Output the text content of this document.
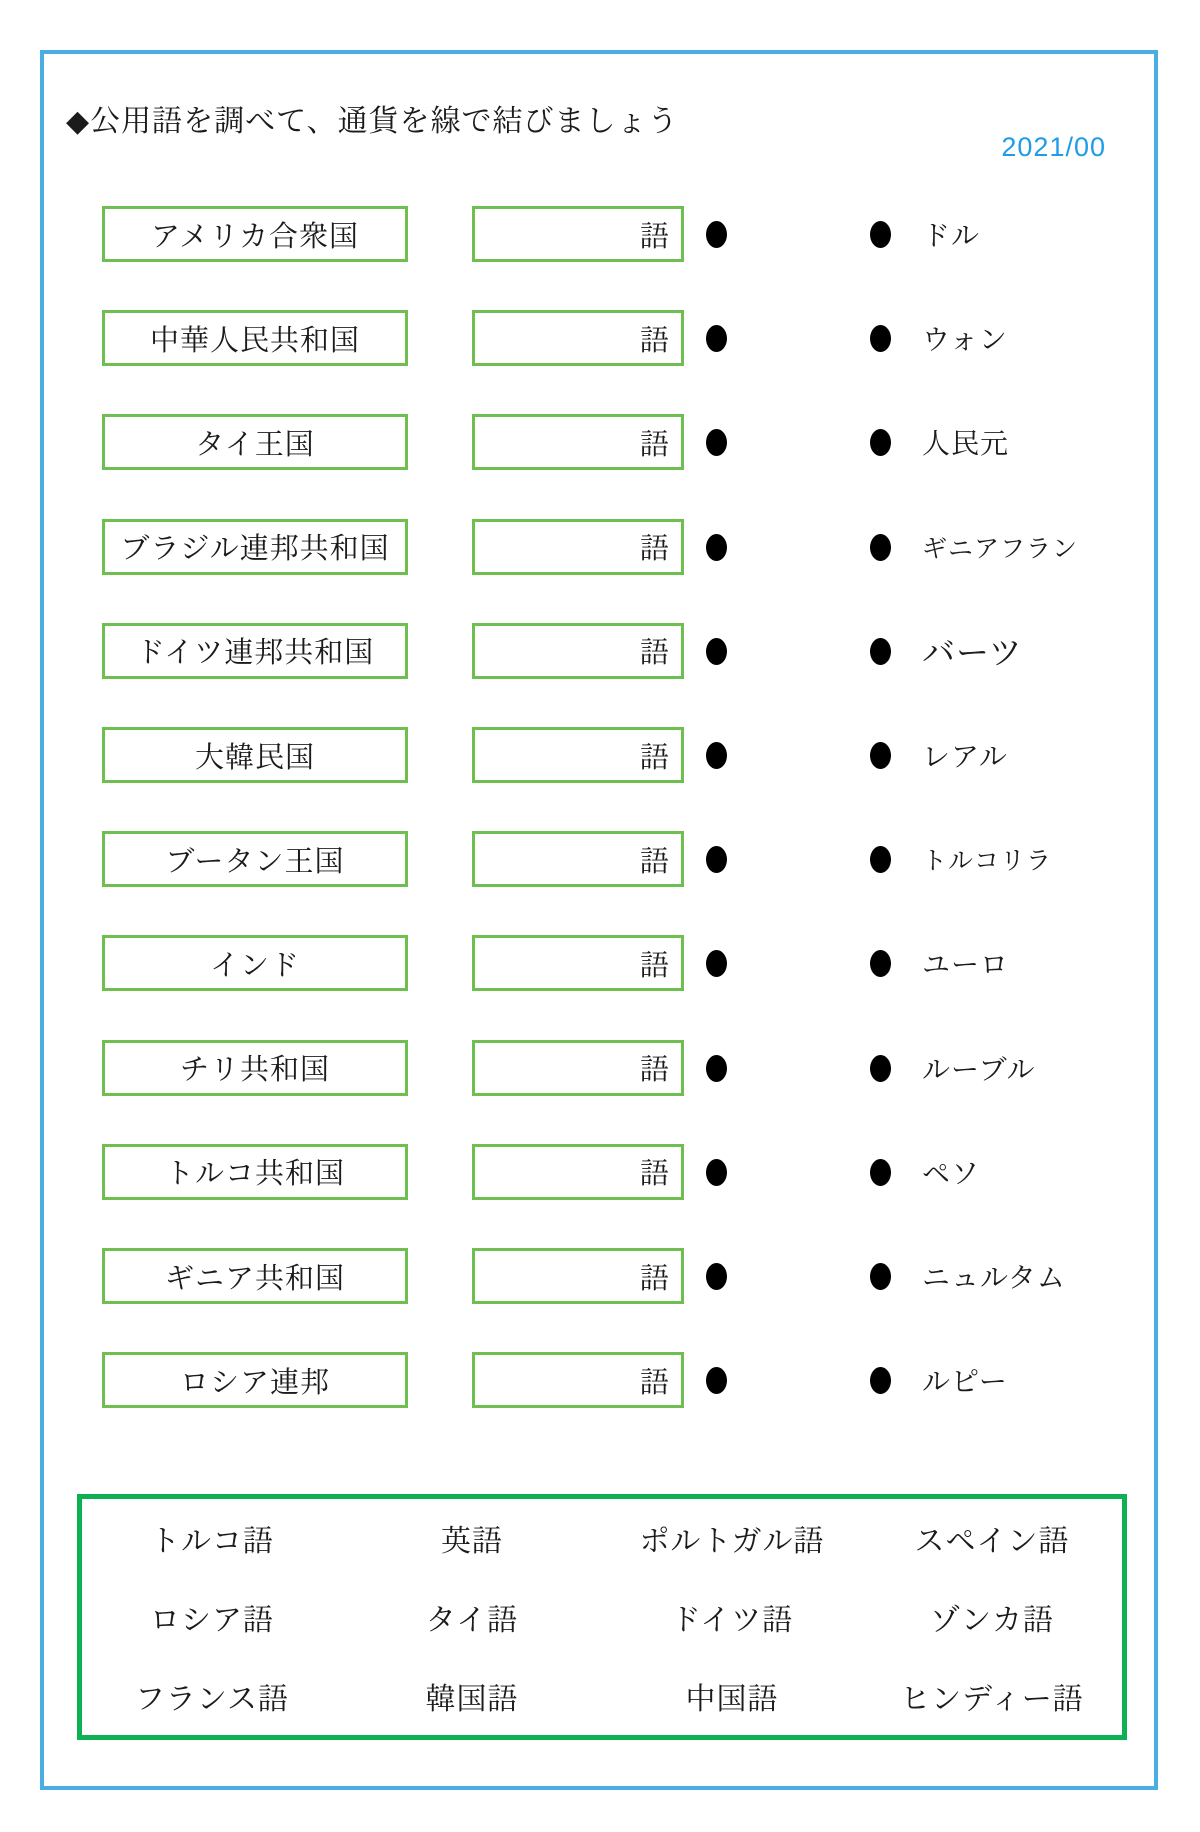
◆公用語を調べて、通貨を線で結びましょう
2021/00
アメリカ合衆国	語	ドル
中華人民共和国	語	ウォン
タイ王国	語	人民元
ブラジル連邦共和国	語	ギニアフラン
ドイツ連邦共和国	語	バーツ
大韓民国	語	レアル
ブータン王国	語	トルコリラ
インド	語	ユーロ
チリ共和国	語	ルーブル
トルコ共和国	語	ペソ
ギニア共和国	語	ニュルタム
ロシア連邦	語	ルピー
トルコ語	英語	ポルトガル語	スペイン語
ロシア語	タイ語	ドイツ語	ゾンカ語
フランス語	韓国語	中国語	ヒンディー語
